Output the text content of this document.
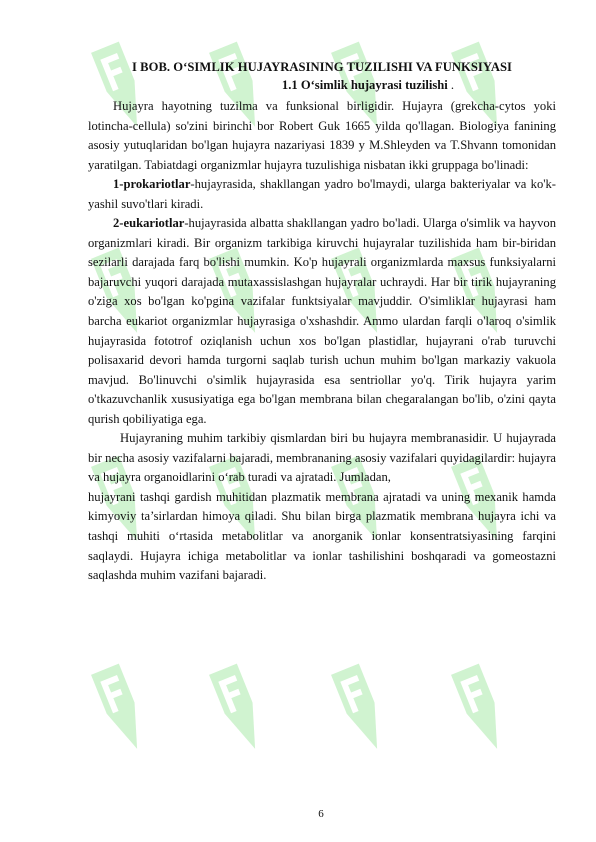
I BOB. O‘SIMLIK HUJAYRASINING TUZILISHI VA FUNKSIYASI
1.1 O‘simlik hujayrasi tuzilishi .

Hujayra hayotning tuzilma va funksional birligidir. Hujayra (grekcha-cytos yoki lotincha-cellula) so'zini birinchi bor Robert Guk 1665 yilda qo'llagan. Biologiya fanining asosiy yutuqlaridan bo'lgan hujayra nazariyasi 1839 y M.Shleyden va T.Shvann tomonidan yaratilgan. Tabiatdagi organizmlar hujayra tuzulishiga nisbatan ikki gruppaga bo'linadi:

1-prokariotlar-hujayrasida, shakllangan yadro bo'lmaydi, ularga bakteriyalar va ko'k-yashil suvo'tlari kiradi.

2-eukariotlar-hujayrasida albatta shakllangan yadro bo'ladi. Ularga o'simlik va hayvon organizmlari kiradi. Bir organizm tarkibiga kiruvchi hujayralar tuzilishida ham bir-biridan sezilarli darajada farq bo'lishi mumkin. Ko'p hujayrali organizmlarda maxsus funksiyalarni bajaruvchi yuqori darajada mutaxassislashgan hujayralar uchraydi. Har bir tirik hujayraning o'ziga xos bo'lgan ko'pgina vazifalar funktsiyalar mavjuddir. O'simliklar hujayrasi ham barcha eukariot organizmlar hujayrasiga o'xshashdir. Ammo ulardan farqli o'laroq o'simlik hujayrasida fototrof oziqlanish uchun xos bo'lgan plastidlar, hujayrani o'rab turuvchi polisaxarid devori hamda turgorni saqlab turish uchun muhim bo'lgan markaziy vakuola mavjud. Bo'linuvchi o'simlik hujayrasida esa sentriollar yo'q. Tirik hujayra yarim o'tkazuvchanlik xususiyatiga ega bo'lgan membrana bilan chegaralangan bo'lib, o'zini qayta qurish qobiliyatiga ega.

Hujayraning muhim tarkibiy qismlardan biri bu hujayra membranasidir. U hujayrada bir necha asosiy vazifalarni bajaradi, membrananing asosiy vazifalari quyidagilardir: hujayra va hujayra organoidlarini o‘rab turadi va ajratadi. Jumladan,

hujayrani tashqi gardish muhitidan plazmatik membrana ajratadi va uning mexanik hamda kimyoviy ta’sirlardan himoya qiladi. Shu bilan birga plazmatik membrana hujayra ichi va tashqi muhiti o‘rtasida metabolitlar va anorganik ionlar konsentratsiyasining farqini saqlaydi. Hujayra ichiga metabolitlar va ionlar tashilishini boshqaradi va gomeostazni saqlashda muhim vazifani bajaradi.

6
